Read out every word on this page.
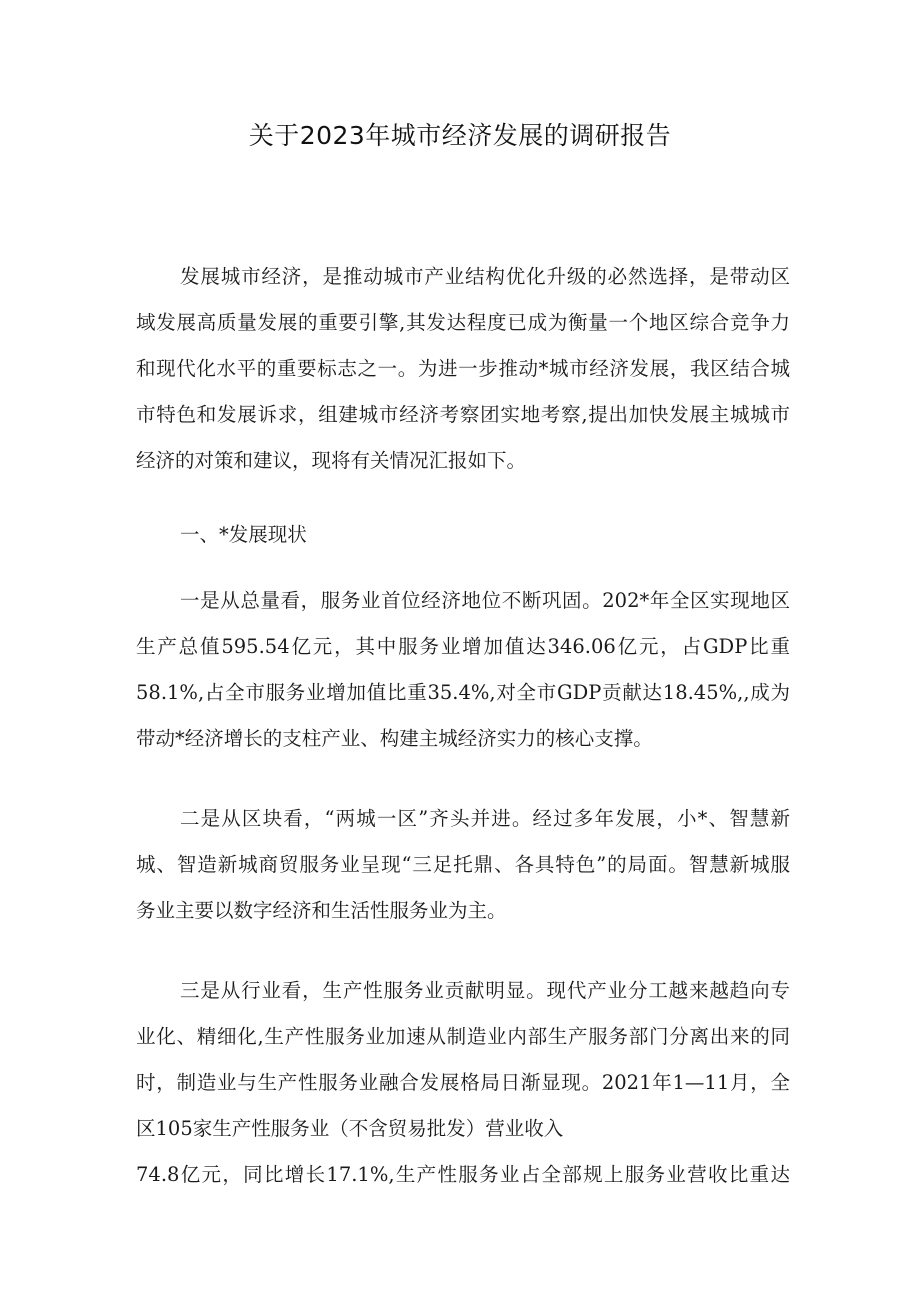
关于2023年城市经济发展的调研报告
发展城市经济，是推动城市产业结构优化升级的必然选择，是带动区
域发展高质量发展的重要引擎,其发达程度已成为衡量一个地区综合竞争力
和现代化水平的重要标志之一。为进一步推动*城市经济发展，我区结合城
市特色和发展诉求，组建城市经济考察团实地考察,提出加快发展主城城市
经济的对策和建议，现将有关情况汇报如下。
一、*发展现状
一是从总量看，服务业首位经济地位不断巩固。202*年全区实现地区
生产总值595.54亿元，其中服务业增加值达346.06亿元，占GDP比重
58.1%,占全市服务业增加值比重35.4%,对全市GDP贡献达18.45%,,成为
带动*经济增长的支柱产业、构建主城经济实力的核心支撑。
二是从区块看，“两城一区”齐头并进。经过多年发展，小*、智慧新
城、智造新城商贸服务业呈现“三足托鼎、各具特色”的局面。智慧新城服
务业主要以数字经济和生活性服务业为主。
三是从行业看，生产性服务业贡献明显。现代产业分工越来越趋向专
业化、精细化,生产性服务业加速从制造业内部生产服务部门分离出来的同
时，制造业与生产性服务业融合发展格局日渐显现。2021年1—11月，全
区105家生产性服务业（不含贸易批发）营业收入
74.8亿元，同比增长17.1%,生产性服务业占全部规上服务业营收比重达
